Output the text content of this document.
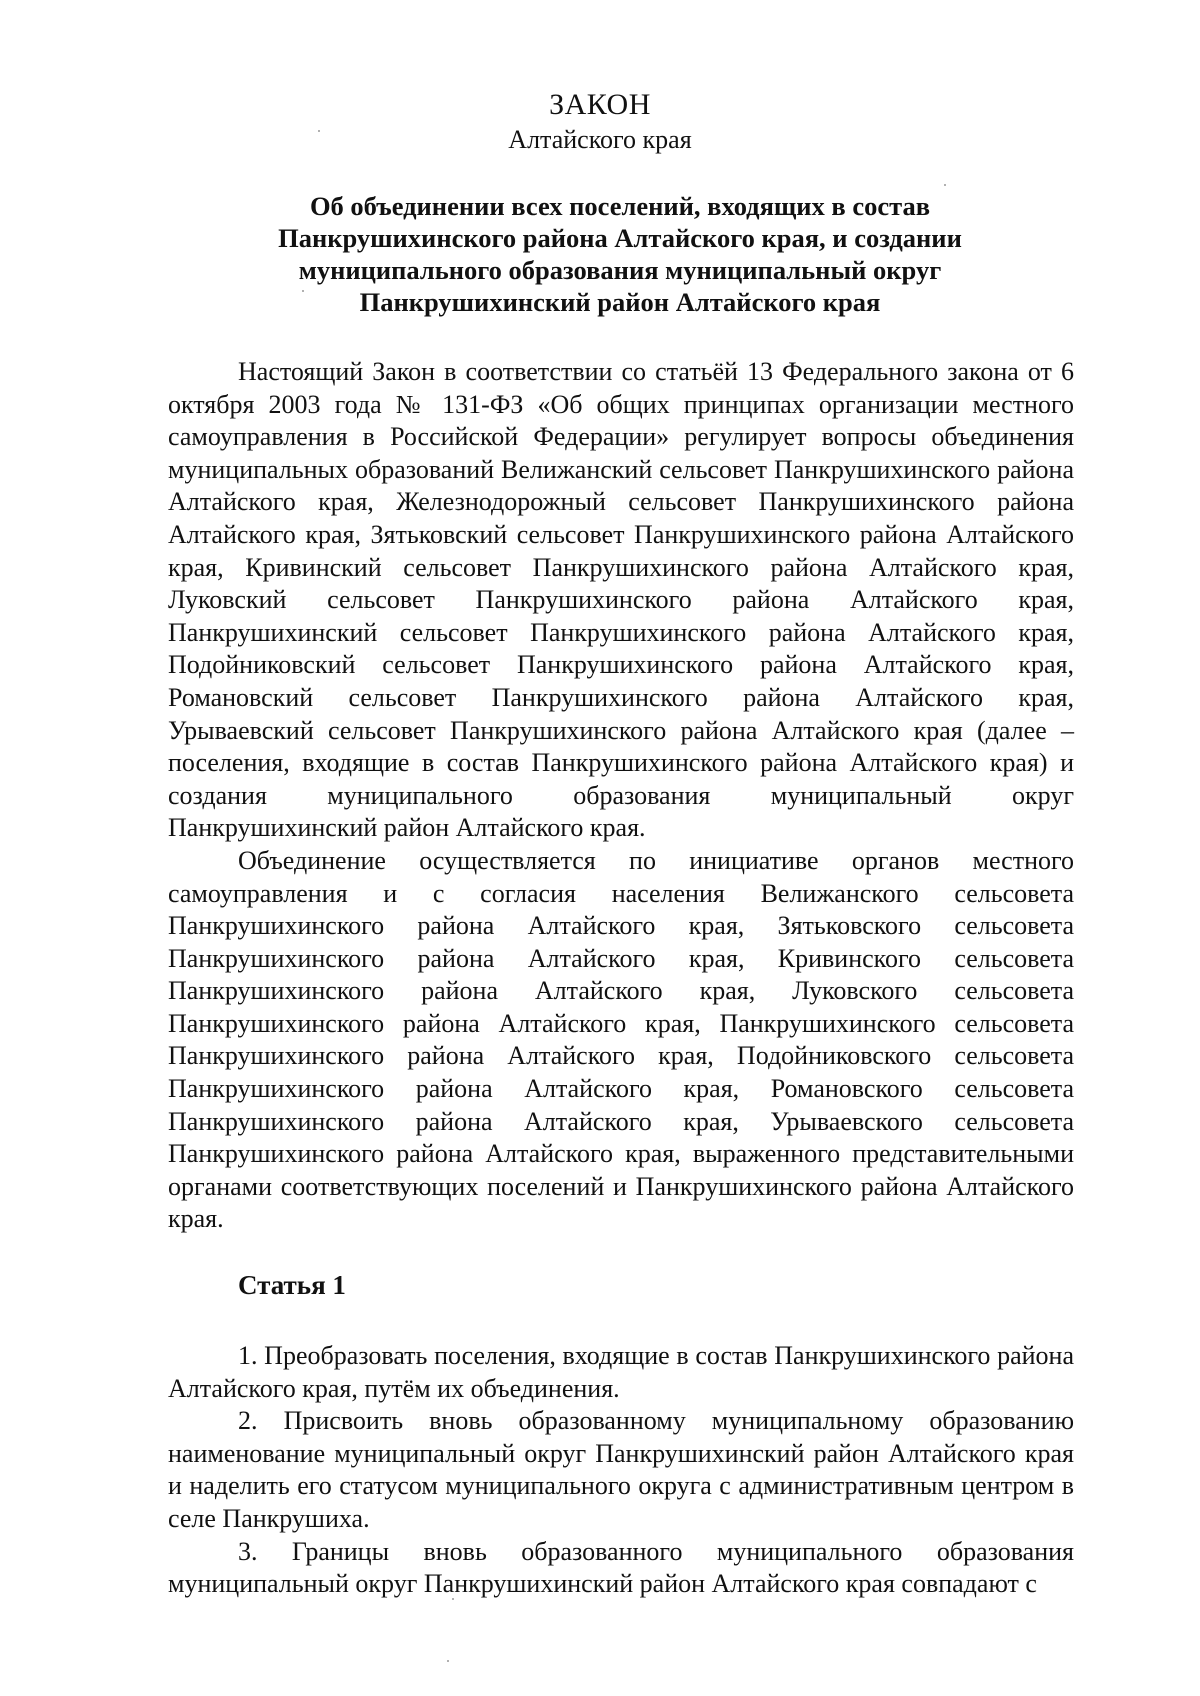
ЗАКОН
Алтайского края
Об объединении всех поселений, входящих в состав
Панкрушихинского района Алтайского края, и создании
муниципального образования муниципальный округ
Панкрушихинский район Алтайского края

Настоящий Закон в соответствии со статьёй 13 Федерального закона от 6 октября 2003 года № 131-ФЗ «Об общих принципах организации местного самоуправления в Российской Федерации» регулирует вопросы объединения муниципальных образований Велижанский сельсовет Панкрушихинского района Алтайского края, Железнодорожный сельсовет Панкрушихинского района Алтайского края, Зятьковский сельсовет Панкрушихинского района Алтайского края, Кривинский сельсовет Панкрушихинского района Алтайского края, Луковский сельсовет Панкрушихинского района Алтайского края, Панкрушихинский сельсовет Панкрушихинского района Алтайского края, Подойниковский сельсовет Панкрушихинского района Алтайского края, Романовский сельсовет Панкрушихинского района Алтайского края, Урываевский сельсовет Панкрушихинского района Алтайского края (далее – поселения, входящие в состав Панкрушихинского района Алтайского края) и создания муниципального образования муниципальный округ Панкрушихинский район Алтайского края.

Объединение осуществляется по инициативе органов местного самоуправления и с согласия населения Велижанского сельсовета Панкрушихинского района Алтайского края, Зятьковского сельсовета Панкрушихинского района Алтайского края, Кривинского сельсовета Панкрушихинского района Алтайского края, Луковского сельсовета Панкрушихинского района Алтайского края, Панкрушихинского сельсовета Панкрушихинского района Алтайского края, Подойниковского сельсовета Панкрушихинского района Алтайского края, Романовского сельсовета Панкрушихинского района Алтайского края, Урываевского сельсовета Панкрушихинского района Алтайского края, выраженного представительными органами соответствующих поселений и Панкрушихинского района Алтайского края.

Статья 1

1. Преобразовать поселения, входящие в состав Панкрушихинского района Алтайского края, путём их объединения.

2. Присвоить вновь образованному муниципальному образованию наименование муниципальный округ Панкрушихинский район Алтайского края и наделить его статусом муниципального округа с административным центром в селе Панкрушиха.

3. Границы вновь образованного муниципального образования муниципальный округ Панкрушихинский район Алтайского края совпадают с
